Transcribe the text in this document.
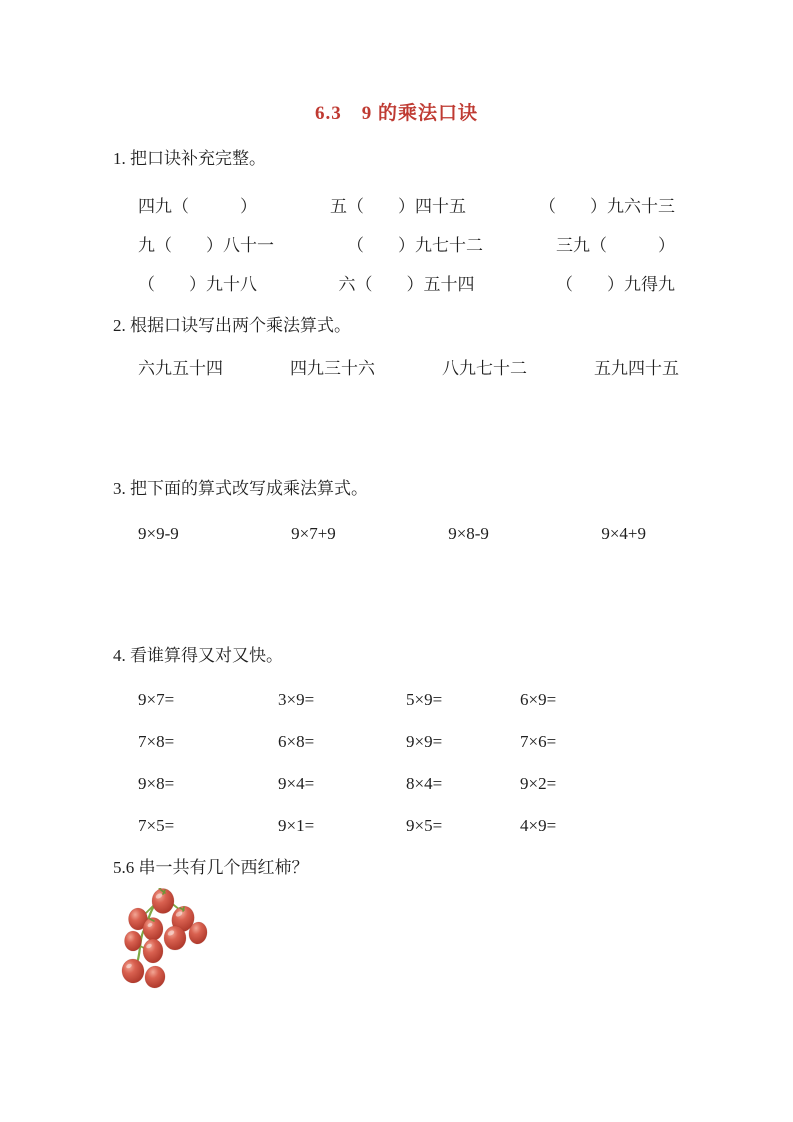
6.3　9 的乘法口诀

1. 把口诀补充完整。

四九（　　　）	五（　　）四十五	（　　）九六十三
九（　　）八十一	（　　）九七十二	三九（　　　）
（　　）九十八	六（　　）五十四	（　　）九得九

2. 根据口诀写出两个乘法算式。

六九五十四	四九三十六	八九七十二	五九四十五

3. 把下面的算式改写成乘法算式。

9×9-9	9×7+9	9×8-9	9×4+9

4. 看谁算得又对又快。

9×7=	3×9=	5×9=	6×9=
7×8=	6×8=	9×9=	7×6=
9×8=	9×4=	8×4=	9×2=
7×5=	9×1=	9×5=	4×9=

5.6 串一共有几个西红柿？
